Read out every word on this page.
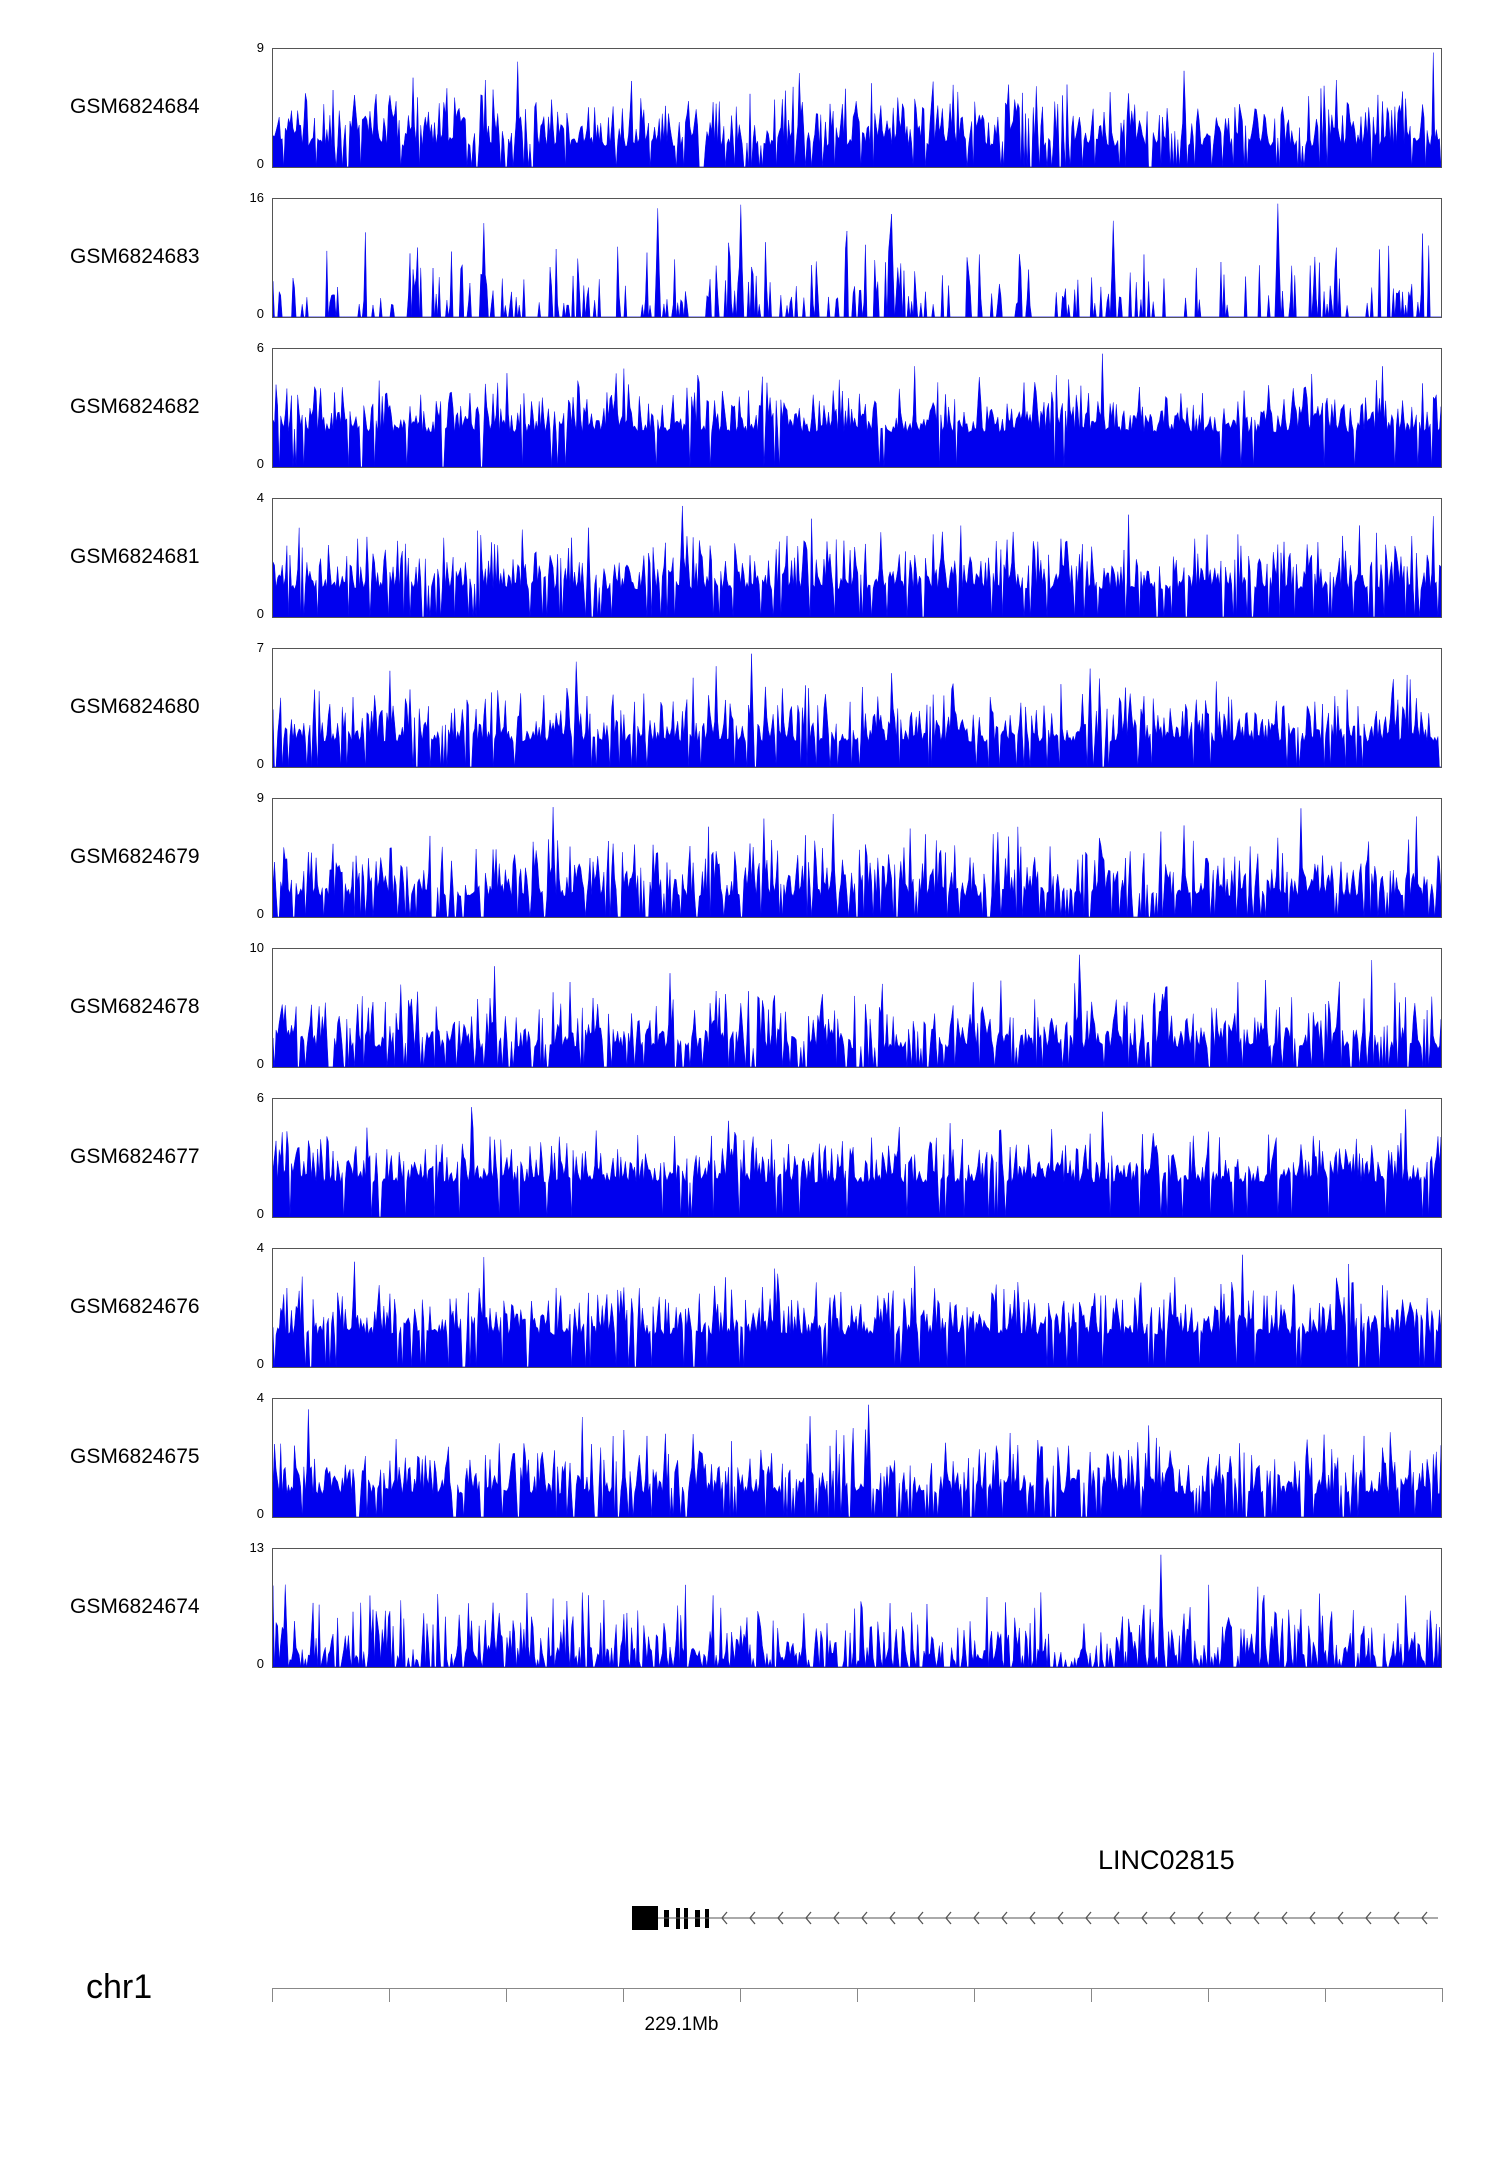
GSM6824684
9
0
GSM6824683
16
0
GSM6824682
6
0
GSM6824681
4
0
GSM6824680
7
0
GSM6824679
9
0
GSM6824678
10
0
GSM6824677
6
0
GSM6824676
4
0
GSM6824675
4
0
GSM6824674
13
0
LINC02815
chr1
229.1Mb
